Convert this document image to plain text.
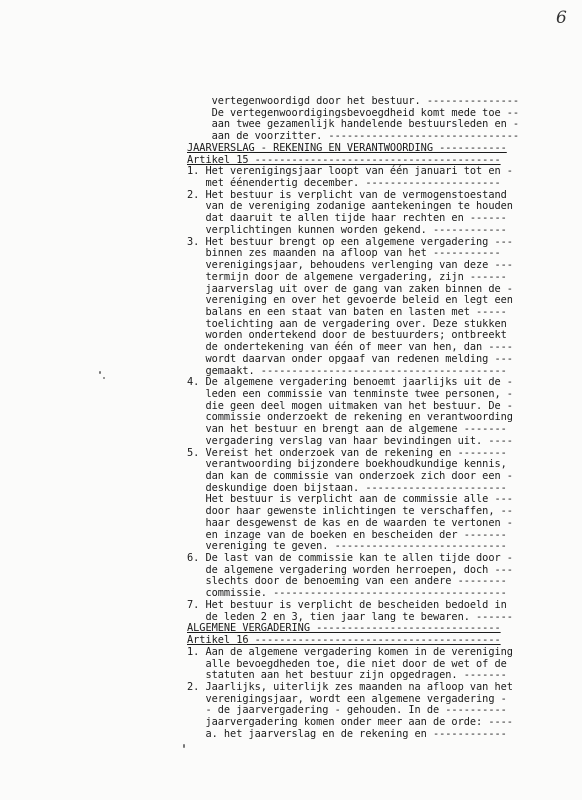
6
vertegenwoordigd door het bestuur. ---------------
De vertegenwoordigingsbevoegdheid komt mede toe --
aan twee gezamenlijk handelende bestuursleden en -
aan de voorzitter. -------------------------------
JAARVERSLAG - REKENING EN VERANTWOORDING -----------
Artikel 15 ----------------------------------------
1. Het verenigingsjaar loopt van één januari tot en -
met éénendertig december. ----------------------
2. Het bestuur is verplicht van de vermogenstoestand
van de vereniging zodanige aantekeningen te houden
dat daaruit te allen tijde haar rechten en ------
verplichtingen kunnen worden gekend. ------------
3. Het bestuur brengt op een algemene vergadering ---
binnen zes maanden na afloop van het -----------
verenigingsjaar, behoudens verlenging van deze ---
termijn door de algemene vergadering, zijn ------
jaarverslag uit over de gang van zaken binnen de -
vereniging en over het gevoerde beleid en legt een
balans en een staat van baten en lasten met -----
toelichting aan de vergadering over. Deze stukken
worden ondertekend door de bestuurders; ontbreekt
de ondertekening van één of meer van hen, dan ----
wordt daarvan onder opgaaf van redenen melding ---
gemaakt. ----------------------------------------
4. De algemene vergadering benoemt jaarlijks uit de -
leden een commissie van tenminste twee personen, -
die geen deel mogen uitmaken van het bestuur. De -
commissie onderzoekt de rekening en verantwoording
van het bestuur en brengt aan de algemene -------
vergadering verslag van haar bevindingen uit. ----
5. Vereist het onderzoek van de rekening en --------
verantwoording bijzondere boekhoudkundige kennis,
dan kan de commissie van onderzoek zich door een -
deskundige doen bijstaan. -----------------------
Het bestuur is verplicht aan de commissie alle ---
door haar gewenste inlichtingen te verschaffen, --
haar desgewenst de kas en de waarden te vertonen -
en inzage van de boeken en bescheiden der -------
vereniging te geven. ----------------------------
6. De last van de commissie kan te allen tijde door -
de algemene vergadering worden herroepen, doch ---
slechts door de benoeming van een andere --------
commissie. --------------------------------------
7. Het bestuur is verplicht de bescheiden bedoeld in
de leden 2 en 3, tien jaar lang te bewaren. ------
ALGEMENE VERGADERING ------------------------------
Artikel 16 ----------------------------------------
1. Aan de algemene vergadering komen in de vereniging
alle bevoegdheden toe, die niet door de wet of de
statuten aan het bestuur zijn opgedragen. -------
2. Jaarlijks, uiterlijk zes maanden na afloop van het
verenigingsjaar, wordt een algemene vergadering -
- de jaarvergadering - gehouden. In de ----------
jaarvergadering komen onder meer aan de orde: ----
a. het jaarverslag en de rekening en ------------
